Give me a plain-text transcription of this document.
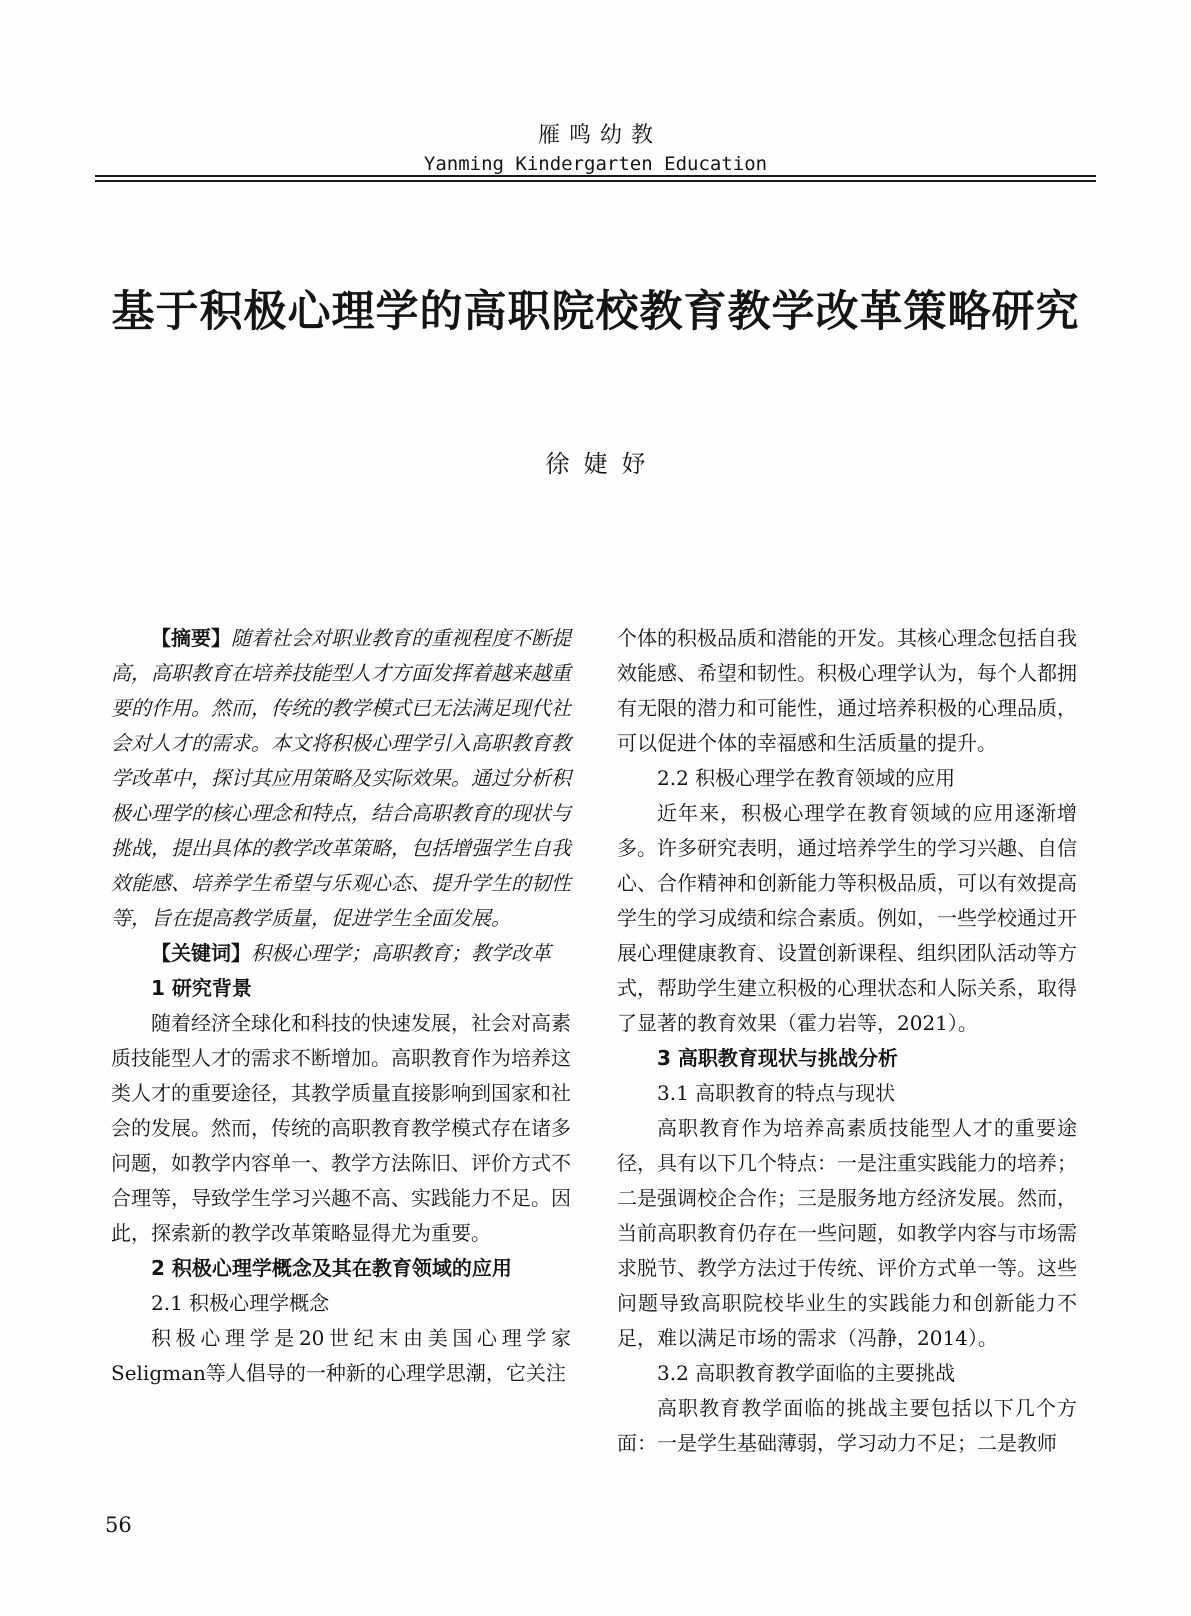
雁鸣幼教
Yanming Kindergarten Education
基于积极心理学的高职院校教育教学改革策略研究
徐婕妤

【摘要】随着社会对职业教育的重视程度不断提高，高职教育在培养技能型人才方面发挥着越来越重要的作用。然而，传统的教学模式已无法满足现代社会对人才的需求。本文将积极心理学引入高职教育教学改革中，探讨其应用策略及实际效果。通过分析积极心理学的核心理念和特点，结合高职教育的现状与挑战，提出具体的教学改革策略，包括增强学生自我效能感、培养学生希望与乐观心态、提升学生的韧性等，旨在提高教学质量，促进学生全面发展。

【关键词】积极心理学；高职教育；教学改革

1 研究背景

随着经济全球化和科技的快速发展，社会对高素质技能型人才的需求不断增加。高职教育作为培养这类人才的重要途径，其教学质量直接影响到国家和社会的发展。然而，传统的高职教育教学模式存在诸多问题，如教学内容单一、教学方法陈旧、评价方式不合理等，导致学生学习兴趣不高、实践能力不足。因此，探索新的教学改革策略显得尤为重要。

2 积极心理学概念及其在教育领域的应用

2.1 积极心理学概念

积极心理学是20世纪末由美国心理学家Seligman等人倡导的一种新的心理学思潮，它关注

个体的积极品质和潜能的开发。其核心理念包括自我效能感、希望和韧性。积极心理学认为，每个人都拥有无限的潜力和可能性，通过培养积极的心理品质，可以促进个体的幸福感和生活质量的提升。

2.2 积极心理学在教育领域的应用

近年来，积极心理学在教育领域的应用逐渐增多。许多研究表明，通过培养学生的学习兴趣、自信心、合作精神和创新能力等积极品质，可以有效提高学生的学习成绩和综合素质。例如，一些学校通过开展心理健康教育、设置创新课程、组织团队活动等方式，帮助学生建立积极的心理状态和人际关系，取得了显著的教育效果（霍力岩等，2021）。

3 高职教育现状与挑战分析

3.1 高职教育的特点与现状

高职教育作为培养高素质技能型人才的重要途径，具有以下几个特点：一是注重实践能力的培养；二是强调校企合作；三是服务地方经济发展。然而，当前高职教育仍存在一些问题，如教学内容与市场需求脱节、教学方法过于传统、评价方式单一等。这些问题导致高职院校毕业生的实践能力和创新能力不足，难以满足市场的需求（冯静，2014）。

3.2 高职教育教学面临的主要挑战

高职教育教学面临的挑战主要包括以下几个方面：一是学生基础薄弱，学习动力不足；二是教师

56
